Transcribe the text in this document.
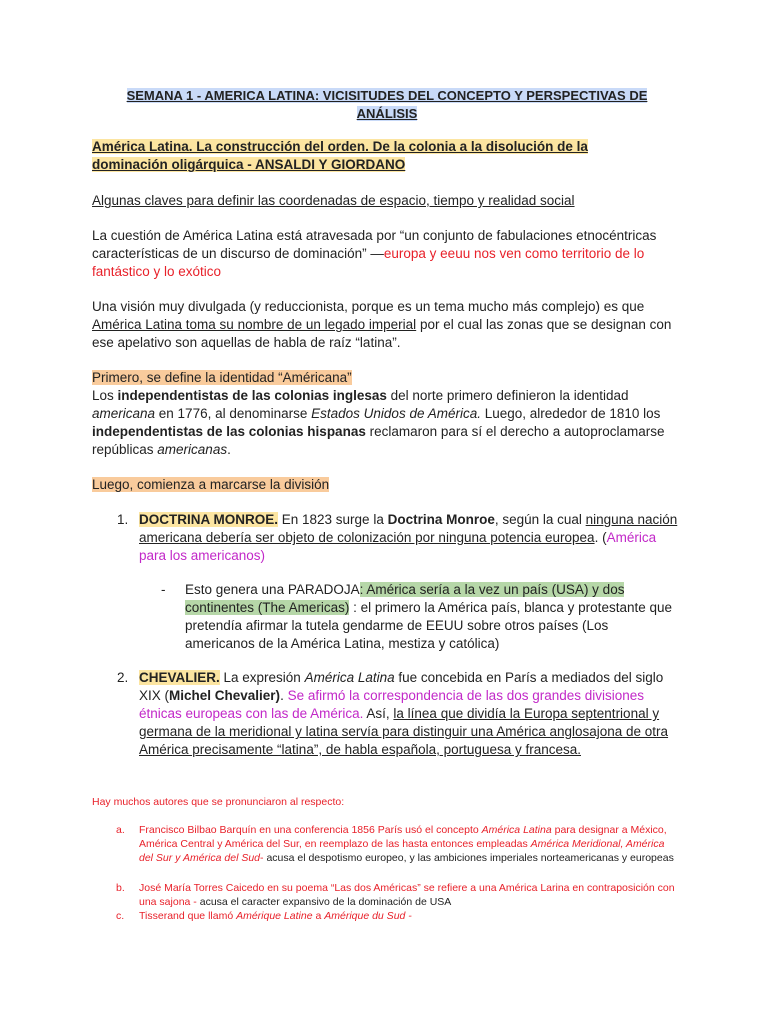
SEMANA 1 - AMERICA LATINA: VICISITUDES DEL CONCEPTO Y PERSPECTIVAS DE
ANÁLISIS
América Latina. La construcción del orden. De la colonia a la disolución de la
dominación oligárquica - ANSALDI Y GIORDANO
Algunas claves para definir las coordenadas de espacio, tiempo y realidad social
La cuestión de América Latina está atravesada por “un conjunto de fabulaciones etnocéntricas características de un discurso de dominación” —europa y eeuu nos ven como territorio de lo fantástico y lo exótico
Una visión muy divulgada (y reduccionista, porque es un tema mucho más complejo) es que América Latina toma su nombre de un legado imperial por el cual las zonas que se designan con ese apelativo son aquellas de habla de raíz “latina”.
Primero, se define la identidad “Américana”
Los independentistas de las colonias inglesas del norte primero definieron la identidad americana en 1776, al denominarse Estados Unidos de América. Luego, alrededor de 1810 los independentistas de las colonias hispanas reclamaron para sí el derecho a autoproclamarse repúblicas americanas.
Luego, comienza a marcarse la división
1. DOCTRINA MONROE. En 1823 surge la Doctrina Monroe, según la cual ninguna nación americana debería ser objeto de colonización por ninguna potencia europea. (América para los americanos)
- Esto genera una PARADOJA: América sería a la vez un país (USA) y dos continentes (The Americas) : el primero la América país, blanca y protestante que pretendía afirmar la tutela gendarme de EEUU sobre otros países (Los americanos de la América Latina, mestiza y católica)
2. CHEVALIER. La expresión América Latina fue concebida en París a mediados del siglo XIX (Michel Chevalier). Se afirmó la correspondencia de las dos grandes divisiones étnicas europeas con las de América. Así, la línea que dividía la Europa septentrional y germana de la meridional y latina servía para distinguir una América anglosajona de otra América precisamente “latina”, de habla española, portuguesa y francesa.
Hay muchos autores que se pronunciaron al respecto:
a. Francisco Bilbao Barquín en una conferencia 1856 París usó el concepto América Latina para designar a México, América Central y América del Sur, en reemplazo de las hasta entonces empleadas América Meridional, América del Sur y América del Sud- acusa el despotismo europeo, y las ambiciones imperiales norteamericanas y europeas
b. José María Torres Caicedo en su poema “Las dos Américas” se refiere a una América Larina en contraposición con una sajona - acusa el caracter expansivo de la dominación de USA
c. Tisserand que llamó Amérique Latine a Amérique du Sud -
